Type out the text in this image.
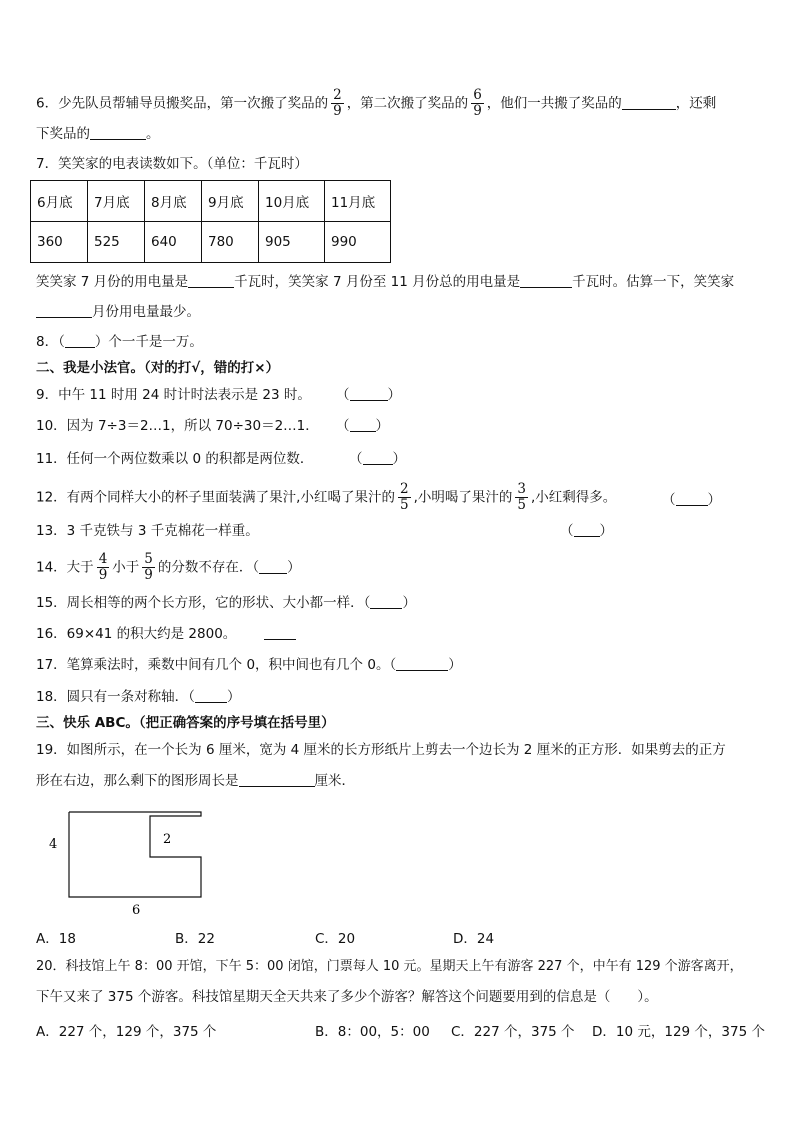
6．少先队员帮辅导员搬奖品，第一次搬了奖品的 $\frac{2}{9}$ ，第二次搬了奖品的 $\frac{6}{9}$ ，他们一共搬了奖品的	，还剩
下奖品的	。
7．笑笑家的电表读数如下。（单位：千瓦时）
6月底	7月底	8月底	9月底	10月底	11月底
360	525	640	780	905	990
笑笑家 7 月份的用电量是	千瓦时，笑笑家 7 月份至 11 月份总的用电量是	千瓦时。估算一下，笑笑家
月份用电量最少。
8．（ ）个一千是一万。
二、我是小法官。（对的打√，错的打×）
9．中午 11 时用 24 时计时法表示是 23 时。 （	）
10．因为 7÷3＝2…1，所以 70÷30＝2…1． （ ）
11．任何一个两位数乘以 0 的积都是两位数．	（ ）
12．有两个同样大小的杯子里面装满了果汁,小红喝了果汁的 $\frac{2}{5}$ ,小明喝了果汁的 $\frac{3}{5}$ ,小红剩得多。	（ ）
13．3 千克铁与 3 千克棉花一样重。	（ ）
14．大于 $\frac{4}{9}$ 小于 $\frac{5}{9}$ 的分数不存在．（ ）
15．周长相等的两个长方形，它的形状、大小都一样．（ ）
16．69×41 的积大约是 2800。
17．笔算乘法时，乘数中间有几个 0，积中间也有几个 0。（	）
18．圆只有一条对称轴．（ ）
三、快乐 ABC。（把正确答案的序号填在括号里）
19．如图所示，在一个长为 6 厘米，宽为 4 厘米的长方形纸片上剪去一个边长为 2 厘米的正方形．如果剪去的正方
形在右边，那么剩下的图形周长是	厘米．
4	2
6
A．18	B．22	C．20	D．24
20．科技馆上午 8：00 开馆，下午 5：00 闭馆，门票每人 10 元。星期天上午有游客 227 个，中午有 129 个游客离开，
下午又来了 375 个游客。科技馆星期天全天共来了多少个游客？解答这个问题要用到的信息是（　　）。
A．227 个，129 个，375 个	B．8：00，5：00 C．227 个，375 个 D．10 元，129 个，375 个
